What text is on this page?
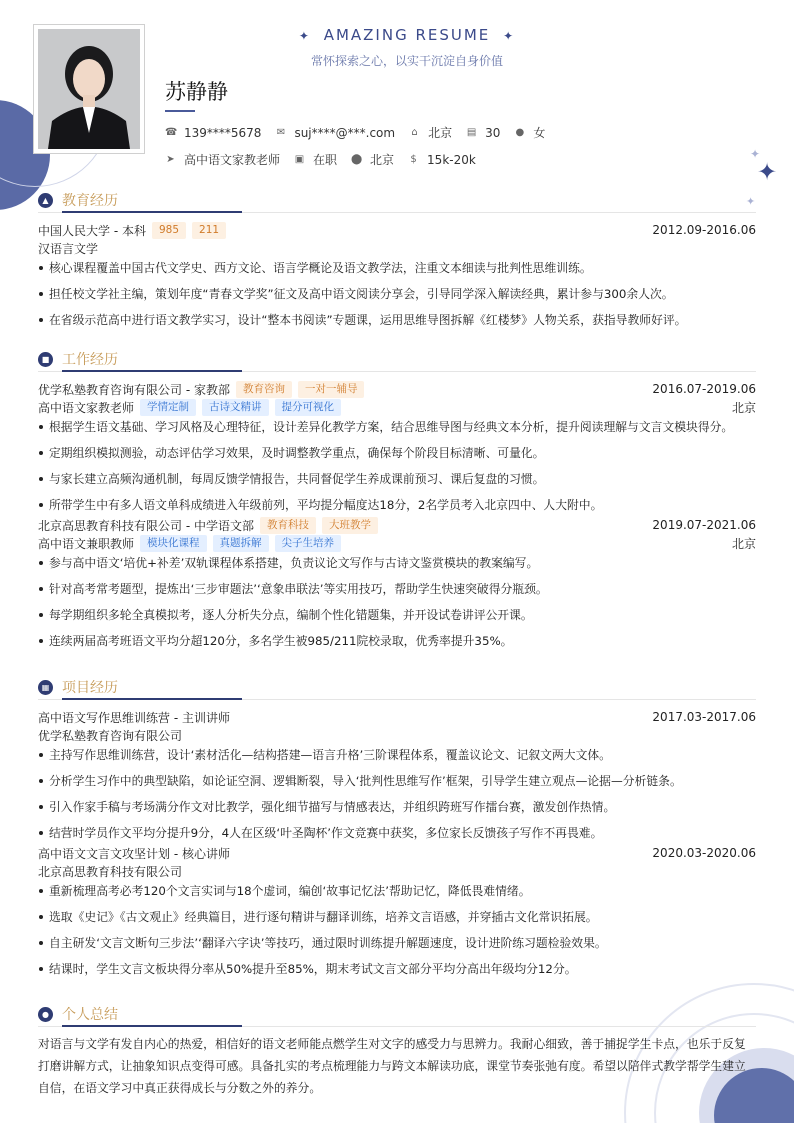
✦
✦
✦
✦ AMAZING RESUME ✦
常怀探索之心，以实干沉淀自身价值
苏静静
☎ 139****5678 ✉ suj****@***.com ⌂ 北京 ▤ 30 ● 女
➤ 高中语文家教老师 ▣ 在职 ⬤ 北京 $ 15k-20k
▲ 教育经历
中国人民大学 - 本科	985	211	2012.09-2016.06
汉语言文学
核心课程覆盖中国古代文学史、西方文论、语言学概论及语文教学法，注重文本细读与批判性思维训练。
担任校文学社主编，策划年度“青春文学奖”征文及高中语文阅读分享会，引导同学深入解读经典，累计参与300余人次。
在省级示范高中进行语文教学实习，设计“整本书阅读”专题课，运用思维导图拆解《红楼梦》人物关系，获指导教师好评。
■ 工作经历
优学私塾教育咨询有限公司 - 家教部	教育咨询	一对一辅导	2016.07-2019.06
高中语文家教老师	学情定制	古诗文精讲	提分可视化	北京
根据学生语文基础、学习风格及心理特征，设计差异化教学方案，结合思维导图与经典文本分析，提升阅读理解与文言文模块得分。
定期组织模拟测验，动态评估学习效果，及时调整教学重点，确保每个阶段目标清晰、可量化。
与家长建立高频沟通机制，每周反馈学情报告，共同督促学生养成课前预习、课后复盘的习惯。
所带学生中有多人语文单科成绩进入年级前列，平均提分幅度达18分，2名学员考入北京四中、人大附中。
北京高思教育科技有限公司 - 中学语文部	教育科技	大班教学	2019.07-2021.06
高中语文兼职教师	模块化课程	真题拆解	尖子生培养	北京
参与高中语文‘培优+补差’双轨课程体系搭建，负责议论文写作与古诗文鉴赏模块的教案编写。
针对高考常考题型，提炼出‘三步审题法’‘意象串联法’等实用技巧，帮助学生快速突破得分瓶颈。
每学期组织多轮全真模拟考，逐人分析失分点，编制个性化错题集，并开设试卷讲评公开课。
连续两届高考班语文平均分超120分，多名学生被985/211院校录取，优秀率提升35%。
▦ 项目经历
高中语文写作思维训练营 - 主训讲师	2017.03-2017.06
优学私塾教育咨询有限公司
主持写作思维训练营，设计‘素材活化—结构搭建—语言升格’三阶课程体系，覆盖议论文、记叙文两大文体。
分析学生习作中的典型缺陷，如论证空洞、逻辑断裂，导入‘批判性思维写作’框架，引导学生建立观点—论据—分析链条。
引入作家手稿与考场满分作文对比教学，强化细节描写与情感表达，并组织跨班写作擂台赛，激发创作热情。
结营时学员作文平均分提升9分，4人在区级‘叶圣陶杯’作文竞赛中获奖，多位家长反馈孩子写作不再畏难。
高中语文文言文攻坚计划 - 核心讲师	2020.03-2020.06
北京高思教育科技有限公司
重新梳理高考必考120个文言实词与18个虚词，编创‘故事记忆法’帮助记忆，降低畏难情绪。
选取《史记》《古文观止》经典篇目，进行逐句精讲与翻译训练，培养文言语感，并穿插古文化常识拓展。
自主研发‘文言文断句三步法’‘翻译六字诀’等技巧，通过限时训练提升解题速度，设计进阶练习题检验效果。
结课时，学生文言文板块得分率从50%提升至85%，期末考试文言文部分平均分高出年级均分12分。
● 个人总结
对语言与文学有发自内心的热爱，相信好的语文老师能点燃学生对文字的感受力与思辨力。我耐心细致，善于捕捉学生卡点，也乐于反复打磨讲解方式，让抽象知识点变得可感。具备扎实的考点梳理能力与跨文本解读功底，课堂节奏张弛有度。希望以陪伴式教学帮学生建立自信，在语文学习中真正获得成长与分数之外的养分。
